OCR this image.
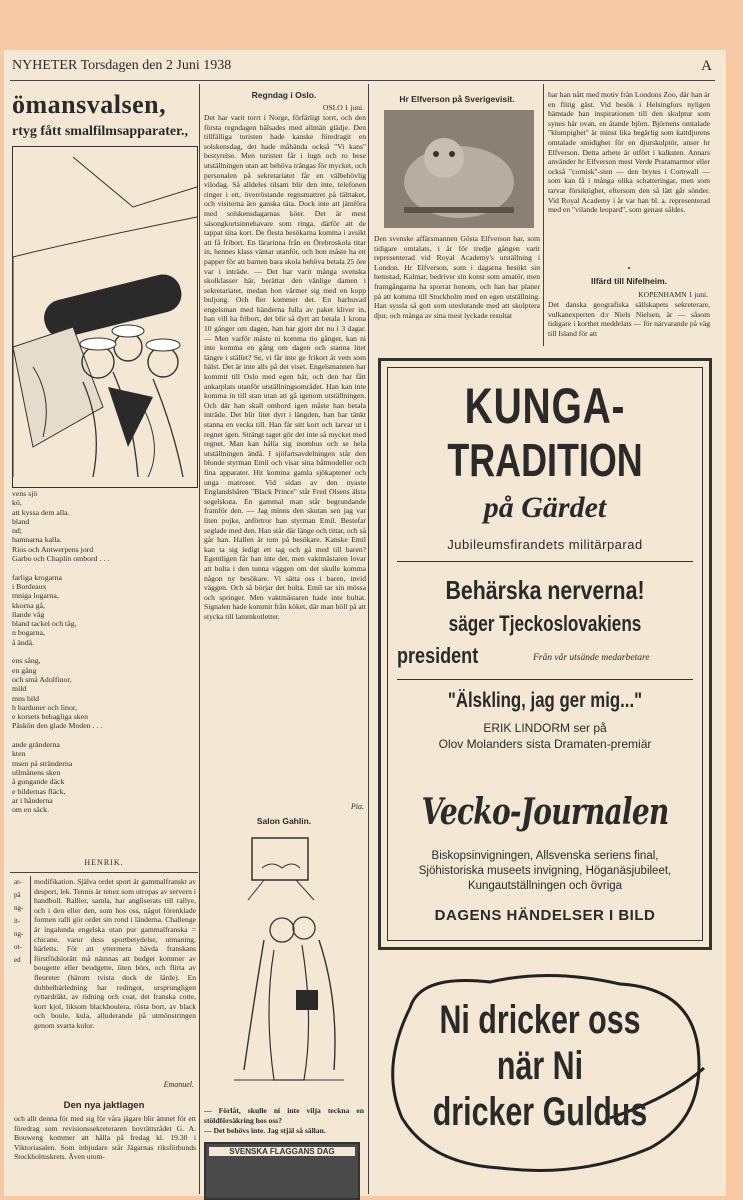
NYHETER Torsdagen den 2 Juni 1938	A
ömansvalsen,
rtyg fått smalfilmsapparater.,
vens sjö
kö,
att kyssa dem alla.
bland
nd;
hamnarna kalla.
Rios och Antwerpens jord
Garbo och Chaplin ombord . . .

farliga krogarna
i Bordeaux
mniga logarna,
kkorna gå,
llande våg
bland tackel och tåg,
n bogarna,
å ändå.

ens sång,
en gång
och små Adolfinor,
mild
mns bild
h barduner och linor,
e korsets behagliga sken
Påskön den glade Moden . . .

ande gränderna
kten
msen på stränderna
ullmånens sken
å gungande däck
e bildernas fläck,
ar i hånderna
om en säck.
HENRIK.
ar-
på
ng-
it-
ng-
ot-
ed
modifikation. Själva ordet sport är gammalfranskt av desport, lek. Tennis är tenez som utropas av servern i handboll. Rallier, samla, har angliserats till rallye, och i den eller den, som hos oss, något förenklade formen ralli gör ordet sin rond i länderna. Challenge är ingalunda engelska utan pur gammalfranska = chicane, varur dess sportbetydelse, utmaning, härletts. För att yttermera hävda franskans förstfödslorätt må nämnas att budget kommer av bougette eller beudgette, liten börs, och flirta av fleureter (härom tvista dock de lärde). En dubbelhärledning har redingot, ursprungligen ryttardräkt, av ridning och coat, det franska cotte, kort kjol, liksom blackboulera, rösta bort, av black och boule, kula, alluderande på utmönstringen genom svarta kulor.
Emanuel.
Den nya jaktlagen
och allt denna för med sig för våra jägare blir ämnet för ett föredrag som revisionssekreteraren hovrättsrådet G. A. Bouweng kommer att hålla på fredag kl. 19.30 i Viktoriasalen. Som inbjudare står Jägarnas riksförbunds Stockholmskrets. Även utom-
Regndag i Oslo.
OSLO 1 juni.
Det har varit torrt i Norge, förfärligt torrt, och den första regndagen hälsades med allmän glädje. Den tillfälliga turisten hade kanske föredragit en solskensdag, det hade måhända också "Vi kans" bestyrelse. Men turisten får i lugn och ro bese utställningen utan att behöva trängas för mycket, och personalen på sekretariatet får en välbehövlig vilodag. Så alldeles tilsam blir den inte, telefonen ringer i ett, överröstande regnsmattret på tälttaket, och visiterna äro ganska täta. Dock inte att jämföra med solskensdagarnas köer. Det är mest säsongkortsinnehavare som ringa, därför att de tappat sina kort. De flesta besökarna komma i avsikt att få fribort. En lärarinna från en Örebroskola titar in, hennes klass väntar utanför, och hon måste ha ett papper för att barnen bara skola behöva betala 25 öre var i inträde. — Det har varit många svenska skolklasser här, berättar den vänlige damen i sekretariatet, medan hon värmer sig med en kopp buljong. Och fler kommer det. En barhuvad engelsman med händerna fulla av paket kliver in, han vill ha fribort, det blir så dyrt att betala 1 krona 10 gånger om dagen, han har gjort det nu i 3 dagar. — Men varför måste ni komma tio gånger, kan ni inte komma en gång om dagen och stanna litet längre i stället? Se, vi får inte ge frikort åt vem som hälst. Det är inte alls på det viset. Engelsmannen har kommit till Oslo med egen båt, och den har fått ankarplats utanför utställningsområdet. Han kan inte komma in till stan utan att gå igenom utställningen. Och där han skall ombord igen måste han betala inträde. Det blir litet dyrt i längden, han har tänkt stanna en vecka till. Han får sitt kort och larvar ut i regnet igen. Strängt taget gör det inte så mycket med regnet. Man kan hålla sig inomhus och se hela utställningen ändå. I sjöfartsavdelningen står den blonde styrman Emil och visar sina båtmodeller och fina apparater. Hit komma gamla sjökaptener och unga matroser. Vid sidan av den nyaste Englandsbåten "Black Prince" står Fred Olsens älsta segelskuta. En gammal man står begrundande framför den. — Jag minns den skutan sen jag var liten pojke, anförtror han styrman Emil. Bestefar seglade med den. Han står där länge och tittar, och så går han. Hallen är tom på besökare. Kanske Emil kan ta sig ledigt ett tag och gå med till baren? Egentligen får han inte det, men vaktmästaren lovar att bulta i den tunna väggen om det skulle komma någon ny besökare. Vi sätta oss i baren, invid väggen. Och så börjar det bulta. Emil tar sin mössa och springer. Men vaktmästaren hade inte bultat. Signalen hade kommit från köket, där man höll på att stycka till lammkotletter.
Pia.
Salon Gahlin.
— Förlåt, skulle ni inte vilja teckna en stöldförsäkring hos oss?
— Det behövs inte. Jag stjäl så sällan.
SVENSKA FLAGGANS DAG
Hr Elfverson på Sverigevisit.
Den svenske affärsmannen Gösta Elfverson har, som tidigare omtalats, i år för tredje gången varit representerad vid Royal Academy's utställning i London. Hr Elfverson, som i dagarna besökt sin hemstad, Kalmar, bedriver sin konst som amatör, men framgångarna ha sporrat honom, och han har planer på att komma till Stockholm med en egen utställning. Han syssla så gott som uteslutande med att skulptera djur, och många av sina mest lyckade resultat
har han nått med motiv från Londons Zoo, där han är en flitig gäst. Vid besök i Helsingfors nyligen hämtade han inspirationen till den skulptur som synes här ovan, en åtande björn. Björnens omtalade "klumpighet" är minst lika begärlig som kattdjurens omtalade smidighet för en djurskulptör, anser hr Elfverson. Detta arbete är utfört i kalksten. Annars använder hr Elfverson mest Verde Pratamarmor eller också "cornisk"-sten — den brytes i Cornwall — som kan få i många olika schatteringar, men som tarvar försiktighet, eftersom den så lätt går sönder. Vid Royal Academy i år var han bl. a. representerad med en "vilande leopard", som genast såldes.
•
Ilfärd till Nifelheim.
KOPENHAMN 1 juni.
Det danska geografiska sällskapets sekreterare, vulkanexperten d:r Niels Nielsen, är — såsom tidigare i korthet meddelats — för närvarande på väg till Island för att
KUNGA-
TRADITION
på Gärdet
Jubileumsfirandets militärparad
Behärska nerverna!
säger Tjeckoslovakiens
president	Från vår utsände medarbetare
"Älskling, jag ger mig..."
ERIK LINDORM ser på
Olov Molanders sista Dramaten-premiär
Vecko-Journalen
Biskopsinvigningen, Allsvenska seriens final, Sjöhistoriska museets invigning, Höganäsjubileet, Kungautställningen och övriga
DAGENS HÄNDELSER I BILD
Ni dricker oss
när Ni
dricker Guldus
